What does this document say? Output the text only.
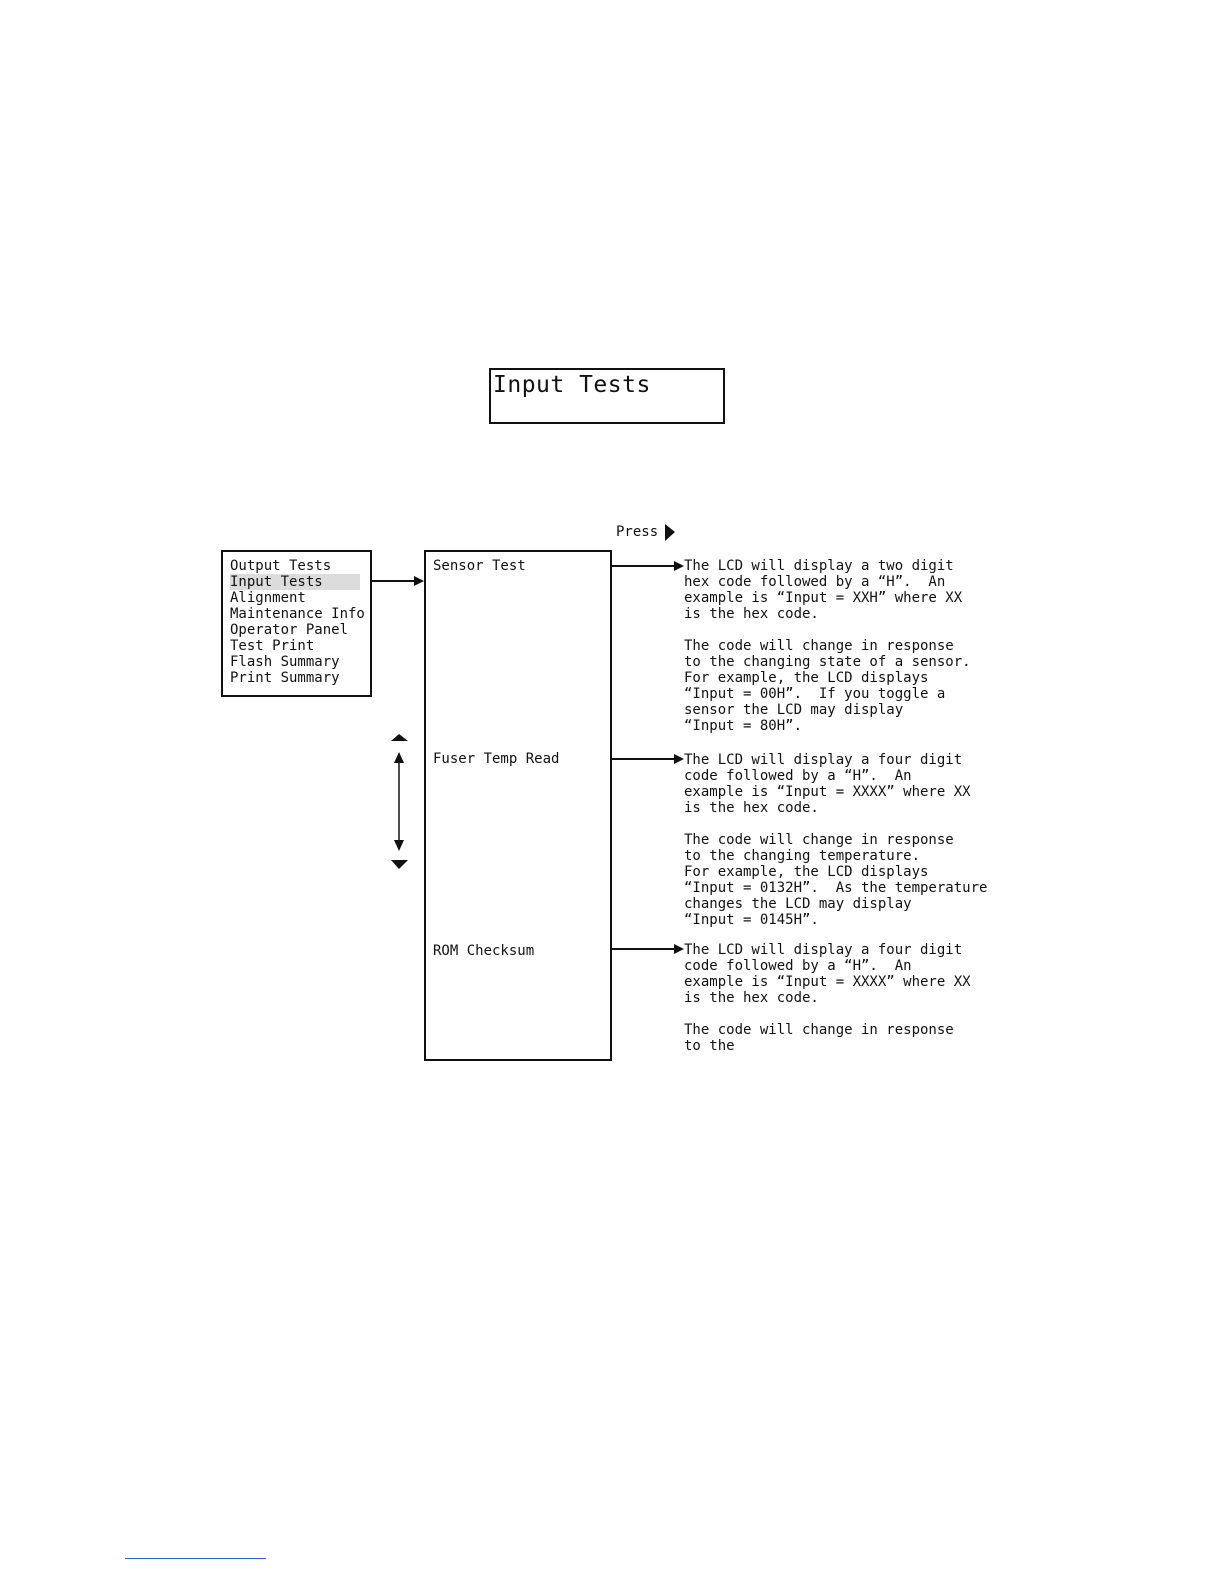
Input Tests
Press
Output Tests
Input Tests
Alignment
Maintenance Info
Operator Panel
Test Print
Flash Summary
Print Summary
Sensor Test
Fuser Temp Read
ROM Checksum
The LCD will display a two digit
hex code followed by a “H”.  An
example is “Input = XXH” where XX
is the hex code.

The code will change in response
to the changing state of a sensor.
For example, the LCD displays
“Input = 00H”.  If you toggle a
sensor the LCD may display
“Input = 80H”.
The LCD will display a four digit
code followed by a “H”.  An
example is “Input = XXXX” where XX
is the hex code.

The code will change in response
to the changing temperature.
For example, the LCD displays
“Input = 0132H”.  As the temperature
changes the LCD may display
“Input = 0145H”.
The LCD will display a four digit
code followed by a “H”.  An
example is “Input = XXXX” where XX
is the hex code.

The code will change in response
to the
